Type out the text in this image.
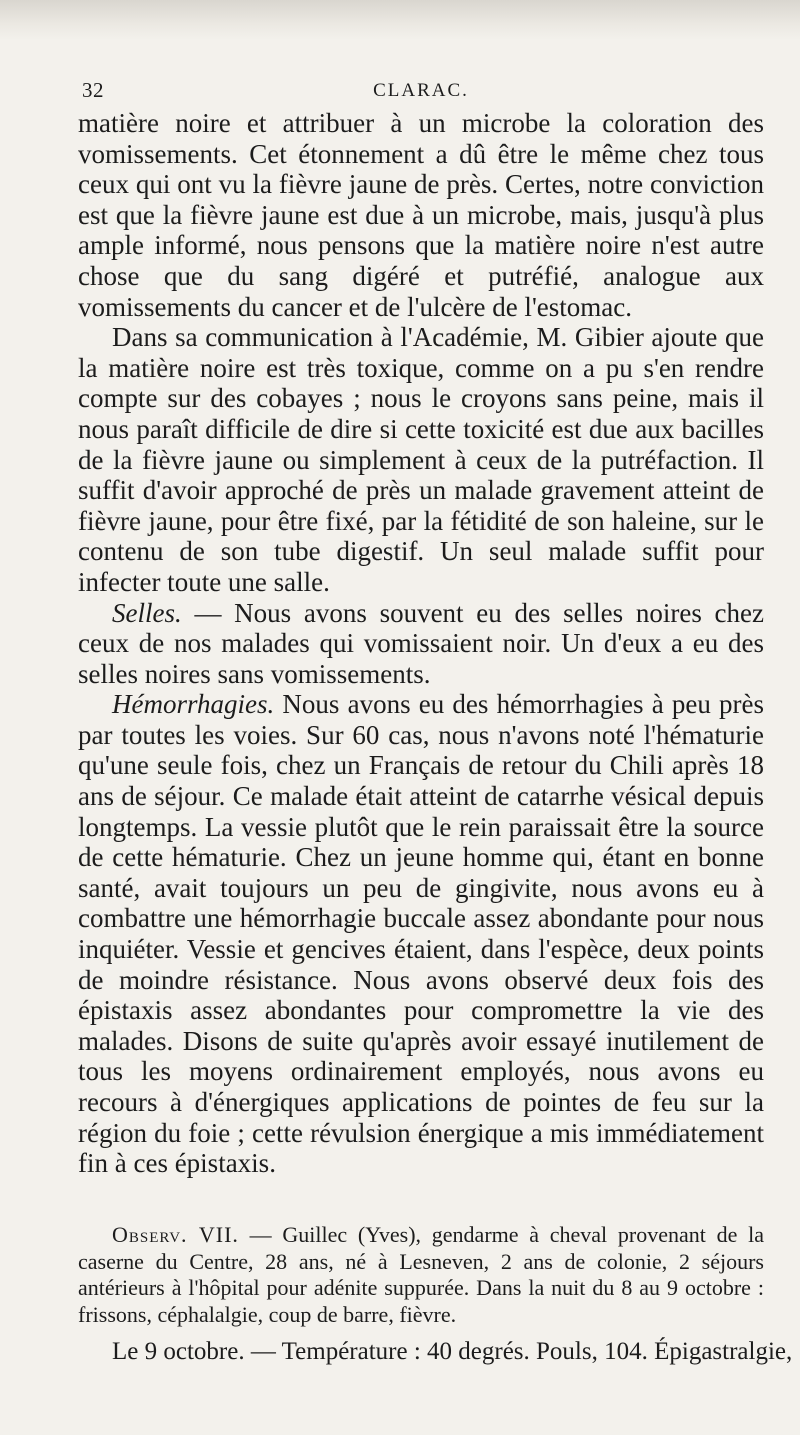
32	CLARAC.

matière noire et attribuer à un microbe la coloration des vomissements. Cet étonnement a dû être le même chez tous ceux qui ont vu la fièvre jaune de près. Certes, notre conviction est que la fièvre jaune est due à un microbe, mais, jusqu'à plus ample informé, nous pensons que la matière noire n'est autre chose que du sang digéré et putréfié, analogue aux vomissements du cancer et de l'ulcère de l'estomac.

Dans sa communication à l'Académie, M. Gibier ajoute que la matière noire est très toxique, comme on a pu s'en rendre compte sur des cobayes ; nous le croyons sans peine, mais il nous paraît difficile de dire si cette toxicité est due aux bacilles de la fièvre jaune ou simplement à ceux de la putréfaction. Il suffit d'avoir approché de près un malade gravement atteint de fièvre jaune, pour être fixé, par la fétidité de son haleine, sur le contenu de son tube digestif. Un seul malade suffit pour infecter toute une salle.

Selles. — Nous avons souvent eu des selles noires chez ceux de nos malades qui vomissaient noir. Un d'eux a eu des selles noires sans vomissements.

Hémorrhagies. Nous avons eu des hémorrhagies à peu près par toutes les voies. Sur 60 cas, nous n'avons noté l'hématurie qu'une seule fois, chez un Français de retour du Chili après 18 ans de séjour. Ce malade était atteint de catarrhe vésical depuis longtemps. La vessie plutôt que le rein paraissait être la source de cette hématurie. Chez un jeune homme qui, étant en bonne santé, avait toujours un peu de gingivite, nous avons eu à combattre une hémorrhagie buccale assez abondante pour nous inquiéter. Vessie et gencives étaient, dans l'espèce, deux points de moindre résistance. Nous avons observé deux fois des épistaxis assez abondantes pour compromettre la vie des malades. Disons de suite qu'après avoir essayé inutilement de tous les moyens ordinairement employés, nous avons eu recours à d'énergiques applications de pointes de feu sur la région du foie ; cette révulsion énergique a mis immédiatement fin à ces épistaxis.

Observ. VII. — Guillec (Yves), gendarme à cheval provenant de la caserne du Centre, 28 ans, né à Lesneven, 2 ans de colonie, 2 séjours antérieurs à l'hôpital pour adénite suppurée. Dans la nuit du 8 au 9 octobre : frissons, céphalalgie, coup de barre, fièvre.

Le 9 octobre. — Température : 40 degrés. Pouls, 104. Épigastralgie,
